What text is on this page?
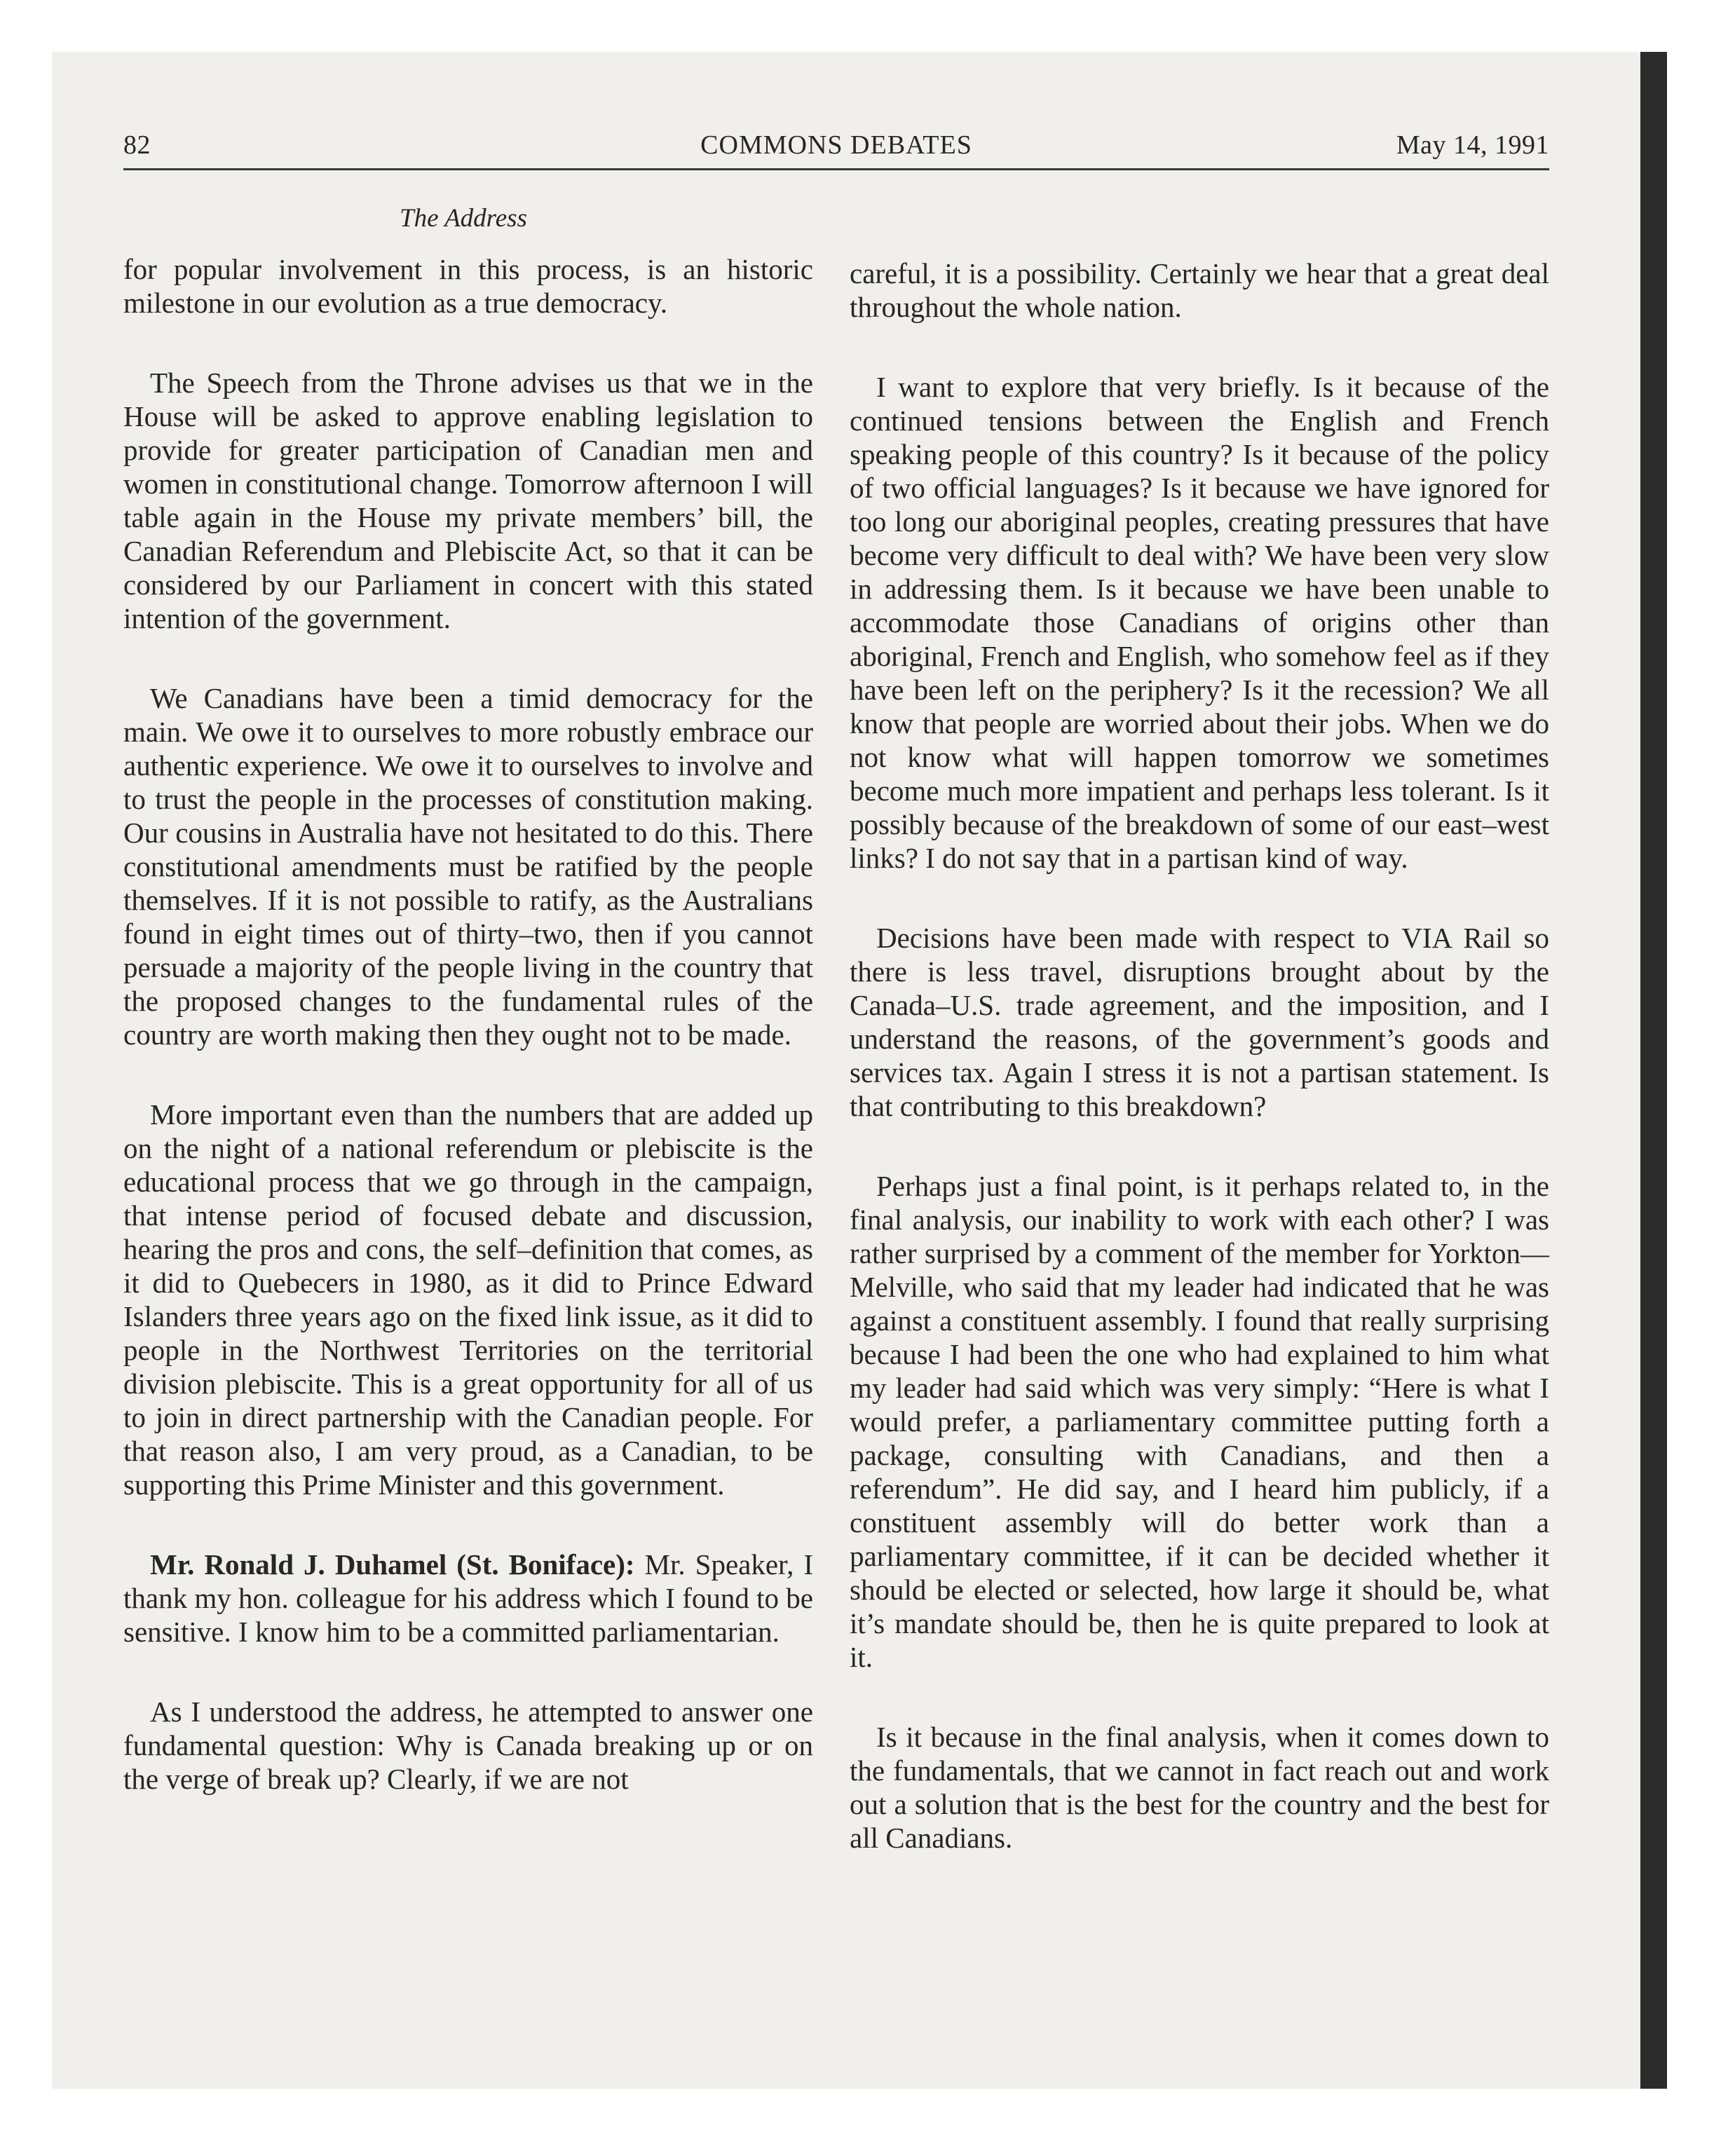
82	COMMONS DEBATES	May 14, 1991
The Address

for popular involvement in this process, is an historic milestone in our evolution as a true democracy.

The Speech from the Throne advises us that we in the House will be asked to approve enabling legislation to provide for greater participation of Canadian men and women in constitutional change. Tomorrow afternoon I will table again in the House my private members’ bill, the Canadian Referendum and Plebiscite Act, so that it can be considered by our Parliament in concert with this stated intention of the government.

We Canadians have been a timid democracy for the main. We owe it to ourselves to more robustly embrace our authentic experience. We owe it to ourselves to involve and to trust the people in the processes of constitution making. Our cousins in Australia have not hesitated to do this. There constitutional amendments must be ratified by the people themselves. If it is not possible to ratify, as the Australians found in eight times out of thirty–two, then if you cannot persuade a majority of the people living in the country that the proposed changes to the fundamental rules of the country are worth making then they ought not to be made.

More important even than the numbers that are added up on the night of a national referendum or plebiscite is the educational process that we go through in the campaign, that intense period of focused debate and discussion, hearing the pros and cons, the self–definition that comes, as it did to Quebecers in 1980, as it did to Prince Edward Islanders three years ago on the fixed link issue, as it did to people in the Northwest Territories on the territorial division plebiscite. This is a great opportunity for all of us to join in direct partnership with the Canadian people. For that reason also, I am very proud, as a Canadian, to be supporting this Prime Minister and this government.

Mr. Ronald J. Duhamel (St. Boniface): Mr. Speaker, I thank my hon. colleague for his address which I found to be sensitive. I know him to be a committed parliamentarian.

As I understood the address, he attempted to answer one fundamental question: Why is Canada breaking up or on the verge of break up? Clearly, if we are not

careful, it is a possibility. Certainly we hear that a great deal throughout the whole nation.

I want to explore that very briefly. Is it because of the continued tensions between the English and French speaking people of this country? Is it because of the policy of two official languages? Is it because we have ignored for too long our aboriginal peoples, creating pressures that have become very difficult to deal with? We have been very slow in addressing them. Is it because we have been unable to accommodate those Canadians of origins other than aboriginal, French and English, who somehow feel as if they have been left on the periphery? Is it the recession? We all know that people are worried about their jobs. When we do not know what will happen tomorrow we sometimes become much more impatient and perhaps less tolerant. Is it possibly because of the breakdown of some of our east–west links? I do not say that in a partisan kind of way.

Decisions have been made with respect to VIA Rail so there is less travel, disruptions brought about by the Canada–U.S. trade agreement, and the imposition, and I understand the reasons, of the government’s goods and services tax. Again I stress it is not a partisan statement. Is that contributing to this breakdown?

Perhaps just a final point, is it perhaps related to, in the final analysis, our inability to work with each other? I was rather surprised by a comment of the member for Yorkton—Melville, who said that my leader had indicated that he was against a constituent assembly. I found that really surprising because I had been the one who had explained to him what my leader had said which was very simply: “Here is what I would prefer, a parliamentary committee putting forth a package, consulting with Canadians, and then a referendum”. He did say, and I heard him publicly, if a constituent assembly will do better work than a parliamentary committee, if it can be decided whether it should be elected or selected, how large it should be, what it’s mandate should be, then he is quite prepared to look at it.

Is it because in the final analysis, when it comes down to the fundamentals, that we cannot in fact reach out and work out a solution that is the best for the country and the best for all Canadians.
